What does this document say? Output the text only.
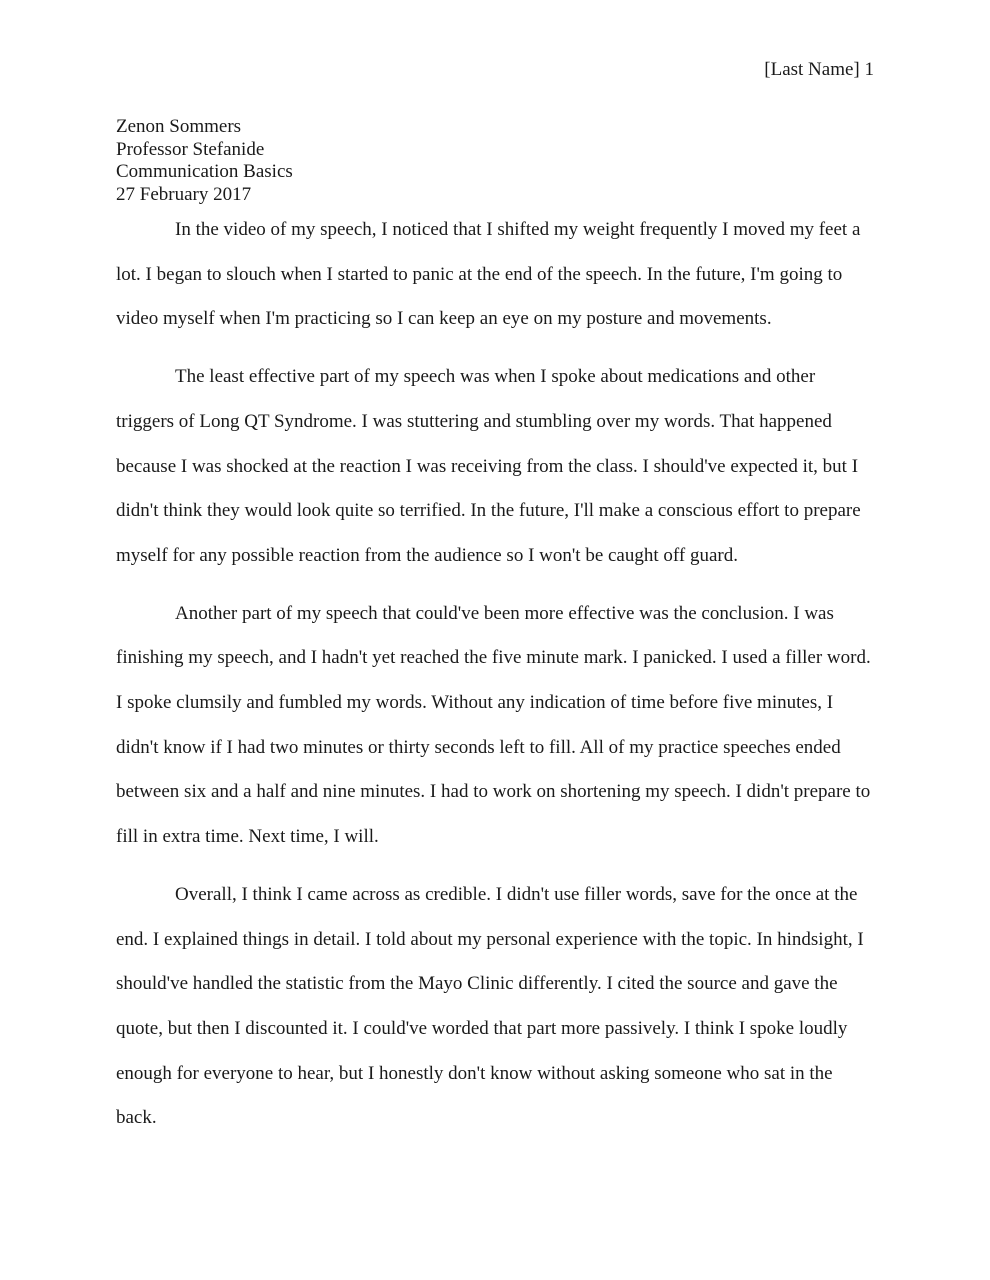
[Last Name] 1
Zenon Sommers
Professor Stefanide
Communication Basics
27 February 2017

In the video of my speech, I noticed that I shifted my weight frequently I moved my feet a lot. I began to slouch when I started to panic at the end of the speech. In the future, I'm going to video myself when I'm practicing so I can keep an eye on my posture and movements.

The least effective part of my speech was when I spoke about medications and other triggers of Long QT Syndrome. I was stuttering and stumbling over my words. That happened because I was shocked at the reaction I was receiving from the class. I should've expected it, but I didn't think they would look quite so terrified. In the future, I'll make a conscious effort to prepare myself for any possible reaction from the audience so I won't be caught off guard.

Another part of my speech that could've been more effective was the conclusion. I was finishing my speech, and I hadn't yet reached the five minute mark. I panicked. I used a filler word. I spoke clumsily and fumbled my words. Without any indication of time before five minutes, I didn't know if I had two minutes or thirty seconds left to fill. All of my practice speeches ended between six and a half and nine minutes. I had to work on shortening my speech. I didn't prepare to fill in extra time. Next time, I will.

Overall, I think I came across as credible. I didn't use filler words, save for the once at the end. I explained things in detail. I told about my personal experience with the topic. In hindsight, I should've handled the statistic from the Mayo Clinic differently. I cited the source and gave the quote, but then I discounted it. I could've worded that part more passively. I think I spoke loudly enough for everyone to hear, but I honestly don't know without asking someone who sat in the back.
